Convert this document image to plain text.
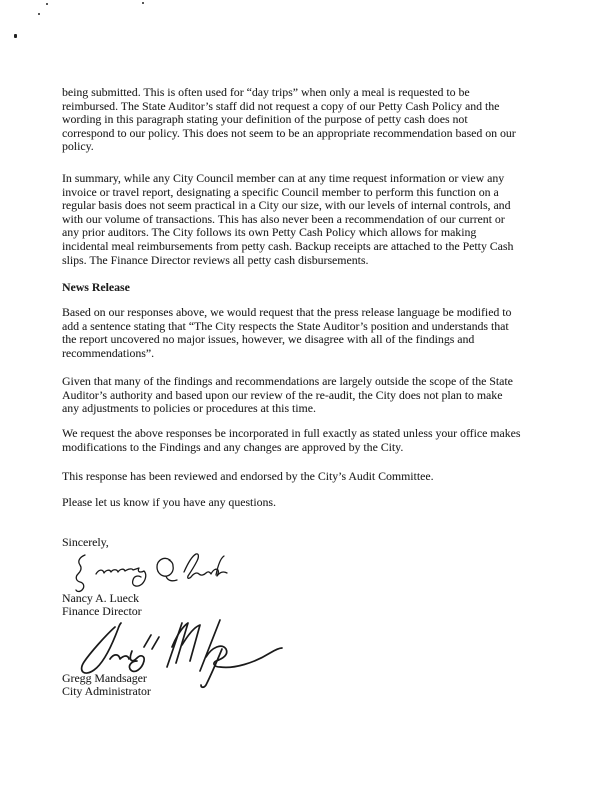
being submitted. This is often used for “day trips” when only a meal is requested to be
reimbursed. The State Auditor’s staff did not request a copy of our Petty Cash Policy and the
wording in this paragraph stating your definition of the purpose of petty cash does not
correspond to our policy. This does not seem to be an appropriate recommendation based on our
policy.
In summary, while any City Council member can at any time request information or view any
invoice or travel report, designating a specific Council member to perform this function on a
regular basis does not seem practical in a City our size, with our levels of internal controls, and
with our volume of transactions. This has also never been a recommendation of our current or
any prior auditors. The City follows its own Petty Cash Policy which allows for making
incidental meal reimbursements from petty cash. Backup receipts are attached to the Petty Cash
slips. The Finance Director reviews all petty cash disbursements.
News Release
Based on our responses above, we would request that the press release language be modified to
add a sentence stating that “The City respects the State Auditor’s position and understands that
the report uncovered no major issues, however, we disagree with all of the findings and
recommendations”.
Given that many of the findings and recommendations are largely outside the scope of the State
Auditor’s authority and based upon our review of the re-audit, the City does not plan to make
any adjustments to policies or procedures at this time.
We request the above responses be incorporated in full exactly as stated unless your office makes
modifications to the Findings and any changes are approved by the City.
This response has been reviewed and endorsed by the City’s Audit Committee.
Please let us know if you have any questions.
Sincerely,
Nancy A. Lueck
Finance Director
Gregg Mandsager
City Administrator
